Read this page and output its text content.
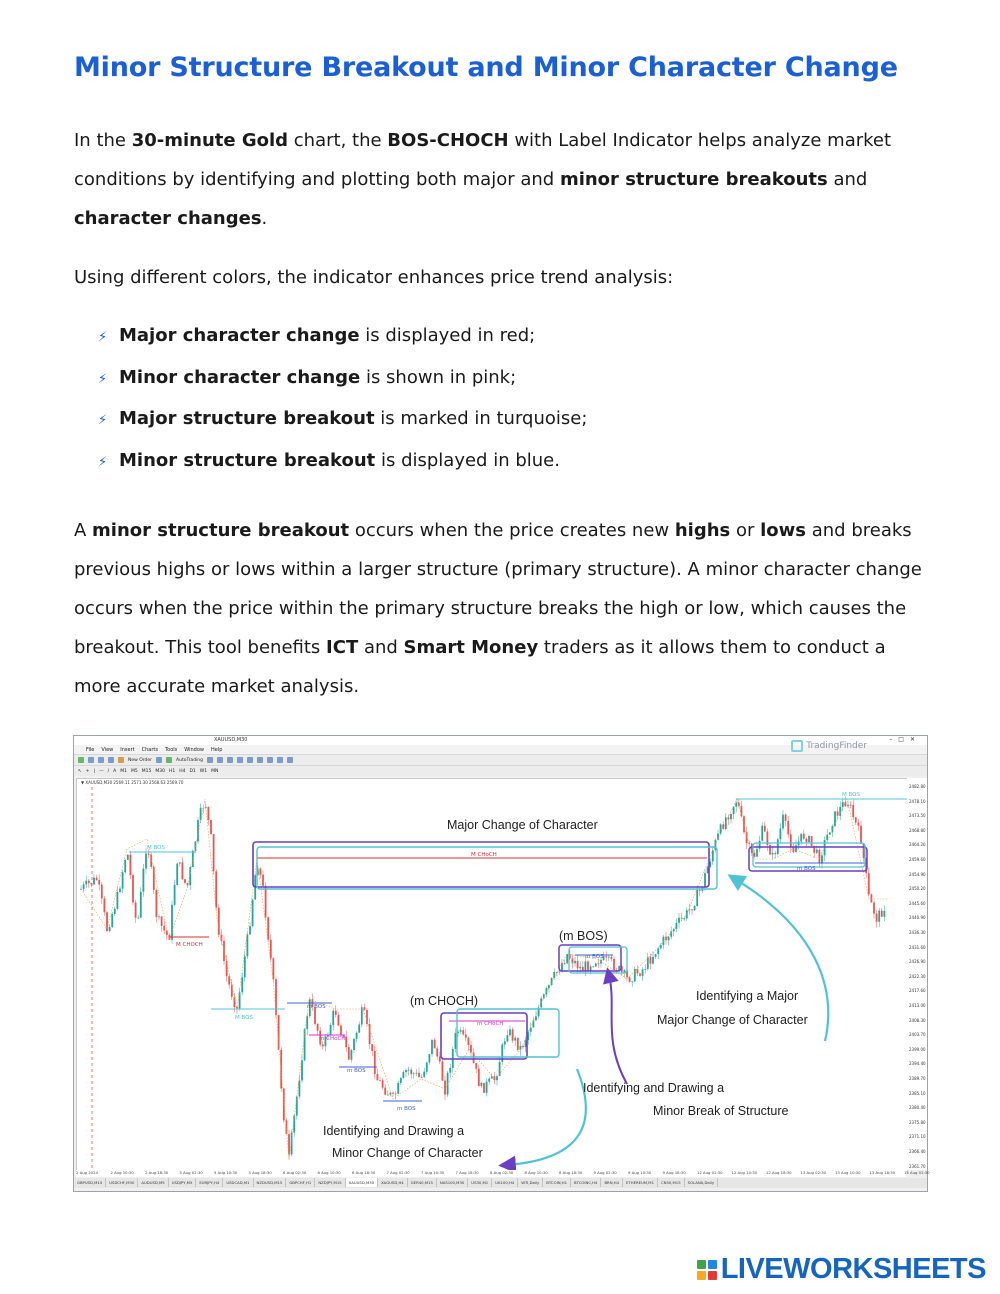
Minor Structure Breakout and Minor Character Change

In the 30-minute Gold chart, the BOS-CHOCH with Label Indicator helps analyze market conditions by identifying and plotting both major and minor structure breakouts and character changes.

Using different colors, the indicator enhances price trend analysis:

⚡ Major character change is displayed in red;
⚡ Minor character change is shown in pink;
⚡ Major structure breakout is marked in turquoise;
⚡ Minor structure breakout is displayed in blue.

A minor structure breakout occurs when the price creates new highs or lows and breaks previous highs or lows within a larger structure (primary structure). A minor character change occurs when the price within the primary structure breaks the high or low, which causes the breakout. This tool benefits ICT and Smart Money traders as it allows them to conduct a more accurate market analysis.

XAUUSD,M30	–□✕
File View Insert Charts Tools Window Help
New Order	AutoTrading
↖ + | — / A M1 M5 M15 M30 H1 H4 D1 W1 MN
TradingFinder
▼ XAUUSD,M30 2569.11 2571.30 2568.63 2569.70
M BOS
M CHOCH
M BOS
m BOS
m CHoCH
m BOS
m BOS
m CHoCH
m BOS
M CHoCH
m BOS
M BOS
Major Change of Character
(m BOS)
(m CHOCH)	Identifying a Major
Major Change of Character
Identifying and Drawing a
Minor Break of Structure
Identifying and Drawing a
Minor Change of Character
2482.80
2478.10
2473.50
2468.80
2464.20
2459.60
2454.90
2450.20
2445.60
2440.90
2436.30
2431.60
2426.90
2422.30
2417.60
2413.00
2408.30
2403.70
2399.00
2394.40
2389.70
2385.10
2380.40
2375.80
2371.10
2366.40
2361.70
2 Aug 2024	2 Aug 10:30	2 Aug 18:30	5 Aug 02:30	5 Aug 10:30	5 Aug 18:30	6 Aug 02:30	6 Aug 10:30	6 Aug 18:30	7 Aug 02:30	7 Aug 10:30	7 Aug 18:30	8 Aug 02:30	8 Aug 10:30	8 Aug 18:30	9 Aug 02:30	9 Aug 10:30	9 Aug 18:30	12 Aug 02:30 12 Aug 10:30 12 Aug 18:30 13 Aug 02:30 13 Aug 10:30 13 Aug 18:30 14 Aug 02:30
GBPUSD,M15 USDCHF,M30 AUDUSD,M5 USDJPY,M5 EURJPY,H4 USDCAD,M1 NZDUSD,M15 GBPCHF,H1 NZDJPY,M15 XAUUSD,M30 XAGUSD,H4 GER40,M15 NAS100,M30 US30,M1 UK100,H4 WTI,Daily BTCOIN,H1 BTCOINC,H4 BRN,H4 ETHEREUM,M1 CN50,M15 SOLANA,Daily
LIVEWORKSHEETS
